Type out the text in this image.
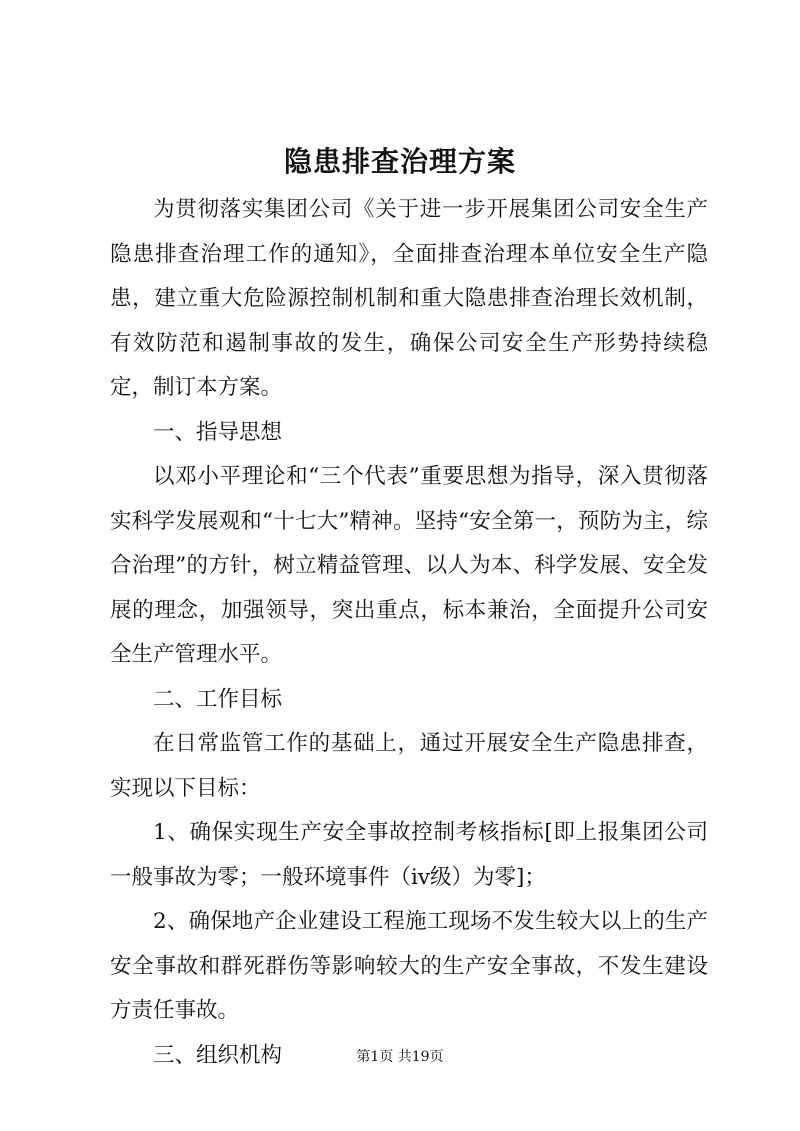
隐患排查治理方案

为贯彻落实集团公司《关于进一步开展集团公司安全生产隐患排查治理工作的通知》，全面排查治理本单位安全生产隐患，建立重大危险源控制机制和重大隐患排查治理长效机制，有效防范和遏制事故的发生，确保公司安全生产形势持续稳定，制订本方案。

一、指导思想

以邓小平理论和“三个代表”重要思想为指导，深入贯彻落实科学发展观和“十七大”精神。坚持“安全第一，预防为主，综合治理”的方针，树立精益管理、以人为本、科学发展、安全发展的理念，加强领导，突出重点，标本兼治，全面提升公司安全生产管理水平。

二、工作目标

在日常监管工作的基础上，通过开展安全生产隐患排查，实现以下目标：

1、确保实现生产安全事故控制考核指标[即上报集团公司一般事故为零；一般环境事件（iv级）为零]；

2、确保地产企业建设工程施工现场不发生较大以上的生产安全事故和群死群伤等影响较大的生产安全事故，不发生建设方责任事故。

三、组织机构	第1页 共19页
